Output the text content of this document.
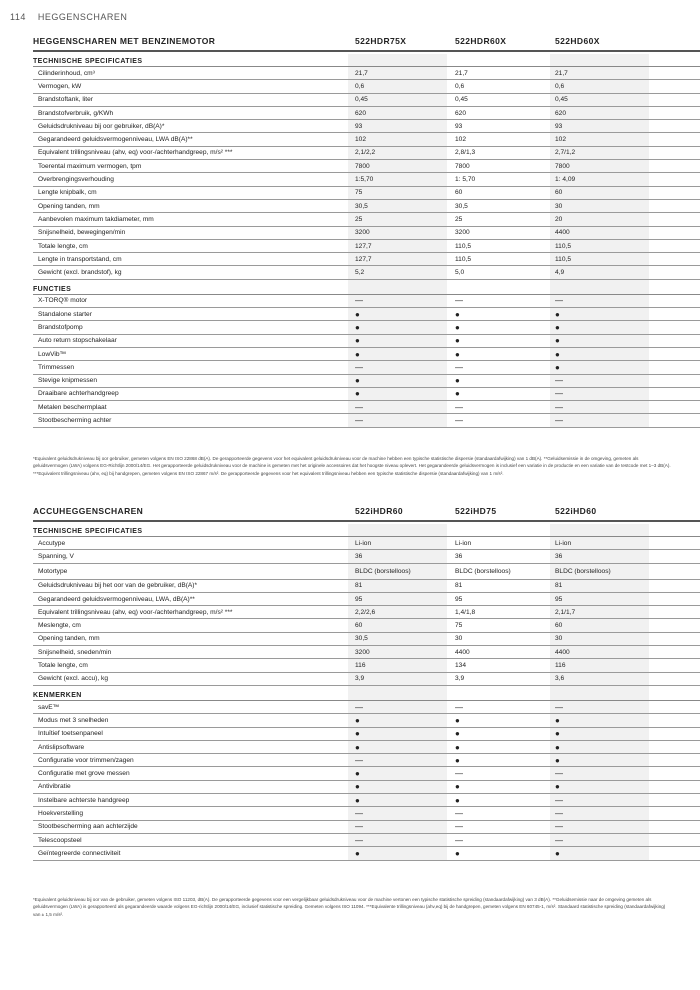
114 HEGGENSCHAREN
HEGGENSCHAREN MET BENZINEMOTOR	522HDR75X	522HDR60X	522HD60X
TECHNISCHE SPECIFICATIES
Cilinderinhoud, cm³	21,7	21,7	21,7
Vermogen, kW	0,6	0,6	0,6
Brandstoftank, liter	0,45	0,45	0,45
Brandstofverbruik, g/KWh	620	620	620
Geluidsdrukniveau bij oor gebruiker, dB(A)*	93	93	93
Gegarandeerd geluidsvermogenniveau, LWA dB(A)**	102	102	102
Equivalent trillingsniveau (ahv, eq) voor-/achterhandgreep, m/s² ***	2,1/2,2	2,8/1,3	2,7/1,2
Toerental maximum vermogen, tpm	7800	7800	7800
Overbrengingsverhouding	1:5,70	1: 5,70	1: 4,09
Lengte knipbalk, cm	75	60	60
Opening tanden, mm	30,5	30,5	30
Aanbevolen maximum takdiameter, mm	25	25	20
Snijsnelheid, bewegingen/min	3200	3200	4400
Totale lengte, cm	127,7	110,5	110,5
Lengte in transportstand, cm	127,7	110,5	110,5
Gewicht (excl. brandstof), kg	5,2	5,0	4,9
FUNCTIES
X-TORQ® motor	—	—	—
Standalone starter	●	●	●
Brandstofpomp	●	●	●
Auto return stopschakelaar	●	●	●
LowVib™	●	●	●
Trimmessen	—	—	●
Stevige knipmessen	●	●	—
Draaibare achterhandgreep	●	●	—
Metalen beschermplaat	—	—	—
Stootbescherming achter	—	—	—
*Equivalent geluidsdrukniveau bij oor gebruiker, gemeten volgens EN ISO 22868 dB(A). De gerapporteerde gegevens voor het equivalent geluidsdrukniveau voor de machine hebben een typische statistische dispersie (standaardafwijking) van 1 dB(A). **Geluidsemissie in de omgeving, gemeten als geluidsvermogen (LWA) volgens EG-Richtlijn 2000/14/EG. Het gerapporteerde geluidsdrukniveau voor de machine is gemeten met het originele accessoires dat het hoogste niveau oplevert. Het gegarandeerde geluidsvermogen is inclusief een variatie in de productie en een variatie van de testcode met 1–3 dB(A). ***Equivalent trillingsniveau (ahv, eq) bij handgrepen, gemeten volgens EN ISO 22867 m/s². De gerapporteerde gegevens voor het equivalent trillingsniveau hebben een typische statistische dispersie (standaardafwijking) van 1 m/s².
ACCUHEGGENSCHAREN	522iHDR60	522iHD75	522iHD60
TECHNISCHE SPECIFICATIES
Accutype	Li-ion	Li-ion	Li-ion
Spanning, V	36	36	36
Motortype	BLDC (borstelloos)	BLDC (borstelloos)	BLDC (borstelloos)
Geluidsdrukniveau bij het oor van de gebruiker, dB(A)*	81	81	81
Gegarandeerd geluidsvermogenniveau, LWA, dB(A)**	95	95	95
Equivalent trillingsniveau (ahv, eq) voor-/achterhandgreep, m/s² ***	2,2/2,6	1,4/1,8	2,1/1,7
Meslengte, cm	60	75	60
Opening tanden, mm	30,5	30	30
Snijsnelheid, sneden/min	3200	4400	4400
Totale lengte, cm	116	134	116
Gewicht (excl. accu), kg	3,9	3,9	3,6
KENMERKEN
savE™	—	—	—
Modus met 3 snelheden	●	●	●
Intuïtief toetsenpaneel	●	●	●
Antislipsoftware	●	●	●
Configuratie voor trimmen/zagen	—	●	●
Configuratie met grove messen	●	—	—
Antivibratie	●	●	●
Instelbare achterste handgreep	●	●	—
Hoekverstelling	—	—	—
Stootbescherming aan achterzijde	—	—	—
Telescoopsteel	—	—	—
Geïntegreerde connectiviteit	●	●	●
*Equivalent geluidsniveau bij oor van de gebruiker, gemeten volgens ISO 11203, dB(A). De gerapporteerde gegevens voor een vergelijkbaar geluidsdrukniveau voor de machine vertonen een typische statistische spreiding (standaardafwijking) van 3 dB(A). **Geluidsemissie naar de omgeving gemeten als geluidsvermogen (LWA) is gerapporteerd als gegarandeerde waarde volgens EG-richtlijn 2000/14/EG, inclusief statistische spreiding. Gemeten volgens ISO 11094. ***Equivalente trillingsniveau (ahv,eq) bij de handgrepen, gemeten volgens EN 60745-1, m/s². Standaard statistische spreiding (standaardafwijking) van ± 1,5 m/s².
